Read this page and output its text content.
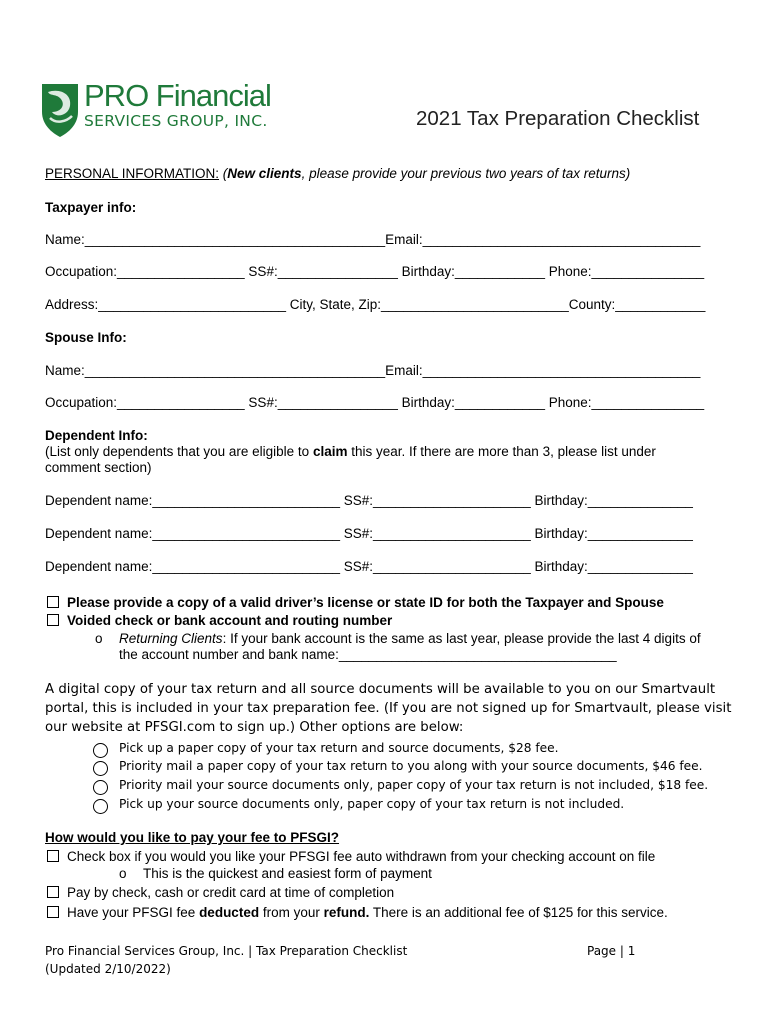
PRO Financial
SERVICES GROUP, INC.	2021 Tax Preparation Checklist
PERSONAL INFORMATION: (New clients, please provide your previous two years of tax returns)
Taxpayer info:
Name:________________________________________Email:_____________________________________
Occupation:_________________ SS#:________________ Birthday:____________ Phone:_______________
Address:_________________________ City, State, Zip:_________________________County:____________
Spouse Info:
Name:________________________________________Email:_____________________________________
Occupation:_________________ SS#:________________ Birthday:____________ Phone:_______________
Dependent Info:
(List only dependents that you are eligible to claim this year. If there are more than 3, please list under
comment section)
Dependent name:_________________________ SS#:_____________________ Birthday:______________
Dependent name:_________________________ SS#:_____________________ Birthday:______________
Dependent name:_________________________ SS#:_____________________ Birthday:______________
Please provide a copy of a valid driver’s license or state ID for both the Taxpayer and Spouse
Voided check or bank account and routing number
o Returning Clients: If your bank account is the same as last year, please provide the last 4 digits of
the account number and bank name:_____________________________________
A digital copy of your tax return and all source documents will be available to you on our Smartvault
portal, this is included in your tax preparation fee. (If you are not signed up for Smartvault, please visit
our website at PFSGI.com to sign up.) Other options are below:
Pick up a paper copy of your tax return and source documents, $28 fee.
Priority mail a paper copy of your tax return to you along with your source documents, $46 fee.
Priority mail your source documents only, paper copy of your tax return is not included, $18 fee.
Pick up your source documents only, paper copy of your tax return is not included.
How would you like to pay your fee to PFSGI?
Check box if you would you like your PFSGI fee auto withdrawn from your checking account on file
o This is the quickest and easiest form of payment
Pay by check, cash or credit card at time of completion
Have your PFSGI fee deducted from your refund. There is an additional fee of $125 for this service.
Pro Financial Services Group, Inc. | Tax Preparation Checklist
(Updated 2/10/2022)
Page | 1
